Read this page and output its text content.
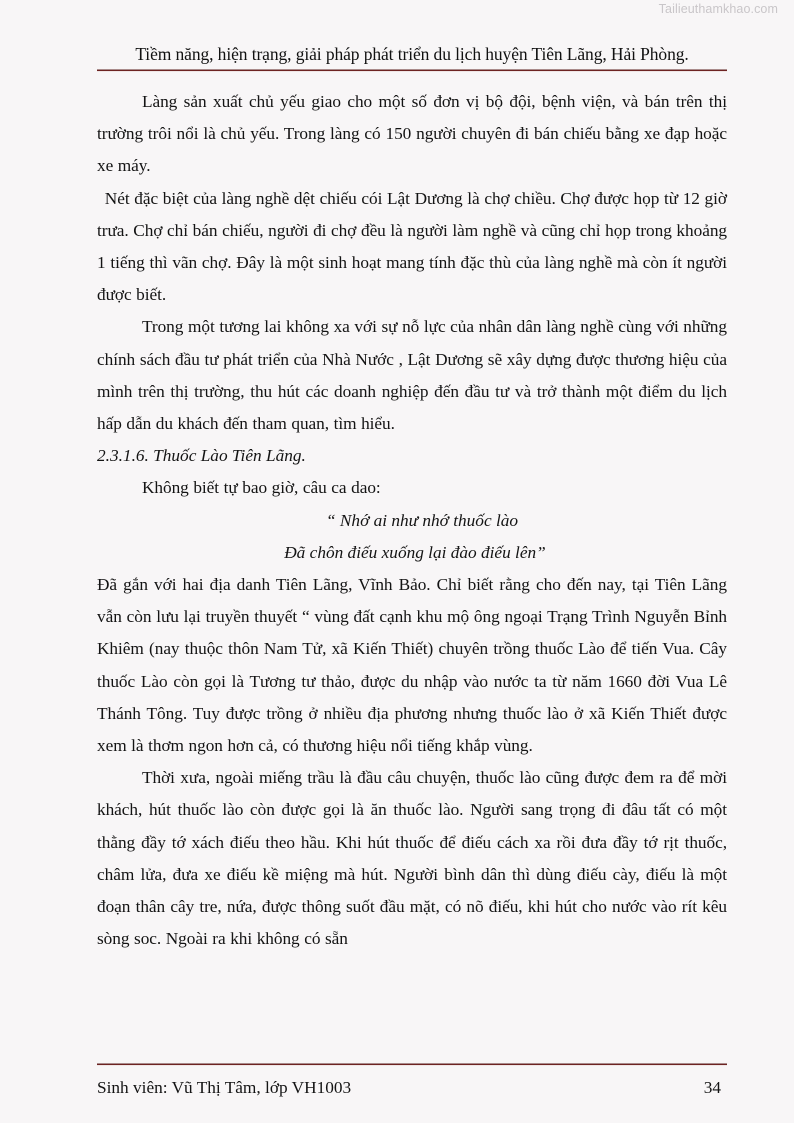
Tailieuthamkhao.com
Tiềm năng, hiện trạng, giải pháp phát triển du lịch huyện Tiên Lãng, Hải Phòng.

Làng sản xuất chủ yếu giao cho một số đơn vị bộ đội, bệnh viện, và bán trên thị trường trôi nổi là chủ yếu. Trong làng có 150 người chuyên đi bán chiếu bằng xe đạp hoặc xe máy.

Nét đặc biệt của làng nghề dệt chiếu cói Lật Dương là chợ chiều. Chợ được họp từ 12 giờ trưa. Chợ chỉ bán chiếu, người đi chợ đều là người làm nghề và cũng chỉ họp trong khoảng 1 tiếng thì vãn chợ. Đây là một sinh hoạt mang tính đặc thù của làng nghề mà còn ít người được biết.

Trong một tương lai không xa với sự nỗ lực của nhân dân làng nghề cùng với những chính sách đầu tư phát triển của Nhà Nước , Lật Dương sẽ xây dựng được thương hiệu của mình trên thị trường, thu hút các doanh nghiệp đến đầu tư và trở thành một điểm du lịch hấp dẫn du khách đến tham quan, tìm hiểu.

2.3.1.6. Thuốc Lào Tiên Lãng.

Không biết tự bao giờ, câu ca dao:

“ Nhớ ai như nhớ thuốc lào

Đã chôn điếu xuống lại đào điếu lên”

Đã gắn với hai địa danh Tiên Lãng, Vĩnh Bảo. Chỉ biết rằng cho đến nay, tại Tiên Lãng vẫn còn lưu lại truyền thuyết “ vùng đất cạnh khu mộ ông ngoại Trạng Trình Nguyễn Bỉnh Khiêm (nay thuộc thôn Nam Tử, xã Kiến Thiết) chuyên trồng thuốc Lào để tiến Vua. Cây thuốc Lào còn gọi là Tương tư thảo, được du nhập vào nước ta từ năm 1660 đời Vua Lê Thánh Tông. Tuy được trồng ở nhiều địa phương nhưng thuốc lào ở xã Kiến Thiết được xem là thơm ngon hơn cả, có thương hiệu nổi tiếng khắp vùng.

Thời xưa, ngoài miếng trầu là đầu câu chuyện, thuốc lào cũng được đem ra để mời khách, hút thuốc lào còn được gọi là ăn thuốc lào. Người sang trọng đi đâu tất có một thằng đầy tớ xách điếu theo hầu. Khi hút thuốc để điếu cách xa rồi đưa đầy tớ rịt thuốc, châm lửa, đưa xe điếu kề miệng mà hút. Người bình dân thì dùng điếu cày, điếu là một đoạn thân cây tre, nứa, được thông suốt đầu mặt, có nõ điếu, khi hút cho nước vào rít kêu sòng soc. Ngoài ra khi không có sẵn

Sinh viên: Vũ Thị Tâm, lớp VH1003	34
